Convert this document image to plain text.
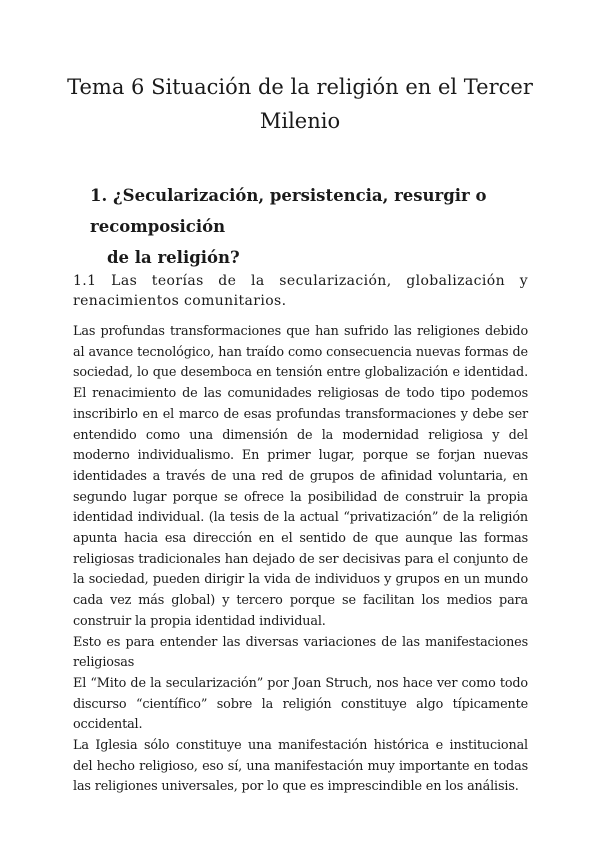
Tema 6 Situación de la religión en el Tercer
Milenio
1. ¿Secularización, persistencia, resurgir o recomposición
de la religión?
1.1 Las teorías de la secularización, globalización y renacimientos comunitarios.

Las profundas transformaciones que han sufrido las religiones debido al avance tecnológico, han traído como consecuencia nuevas formas de sociedad, lo que desemboca en tensión entre globalización e identidad. El renacimiento de las comunidades religiosas de todo tipo podemos inscribirlo en el marco de esas profundas transformaciones y debe ser entendido como una dimensión de la modernidad religiosa y del moderno individualismo. En primer lugar, porque se forjan nuevas identidades a través de una red de grupos de afinidad voluntaria, en segundo lugar porque se ofrece la posibilidad de construir la propia identidad individual. (la tesis de la actual “privatización” de la religión apunta hacia esa dirección en el sentido de que aunque las formas religiosas tradicionales han dejado de ser decisivas para el conjunto de la sociedad, pueden dirigir la vida de individuos y grupos en un mundo cada vez más global) y tercero porque se facilitan los medios para construir la propia identidad individual.

Esto es para entender las diversas variaciones de las manifestaciones religiosas

El “Mito de la secularización” por Joan Struch, nos hace ver como todo discurso “científico” sobre la religión constituye algo típicamente occidental.

La Iglesia sólo constituye una manifestación histórica e institucional del hecho religioso, eso sí, una manifestación muy importante en todas las religiones universales, por lo que es imprescindible en los análisis.
